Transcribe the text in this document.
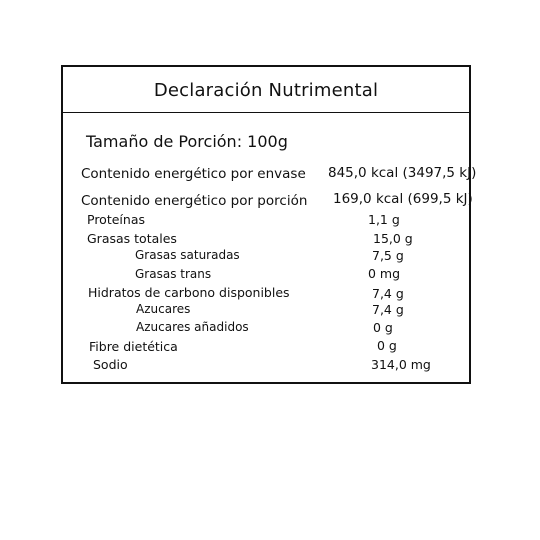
Declaración Nutrimental
Tamaño de Porción: 100g
Contenido energético por envase 845,0 kcal (3497,5 kJ)
Contenido energético por porción 169,0 kcal (699,5 kJ)
Proteínas	1,1 g
Grasas totales	15,0 g
Grasas saturadas	7,5 g
Grasas trans	0 mg
Hidratos de carbono disponibles	7,4 g
Azucares	7,4 g
Azucares añadidos	0 g
Fibre dietética	0 g
Sodio	314,0 mg
